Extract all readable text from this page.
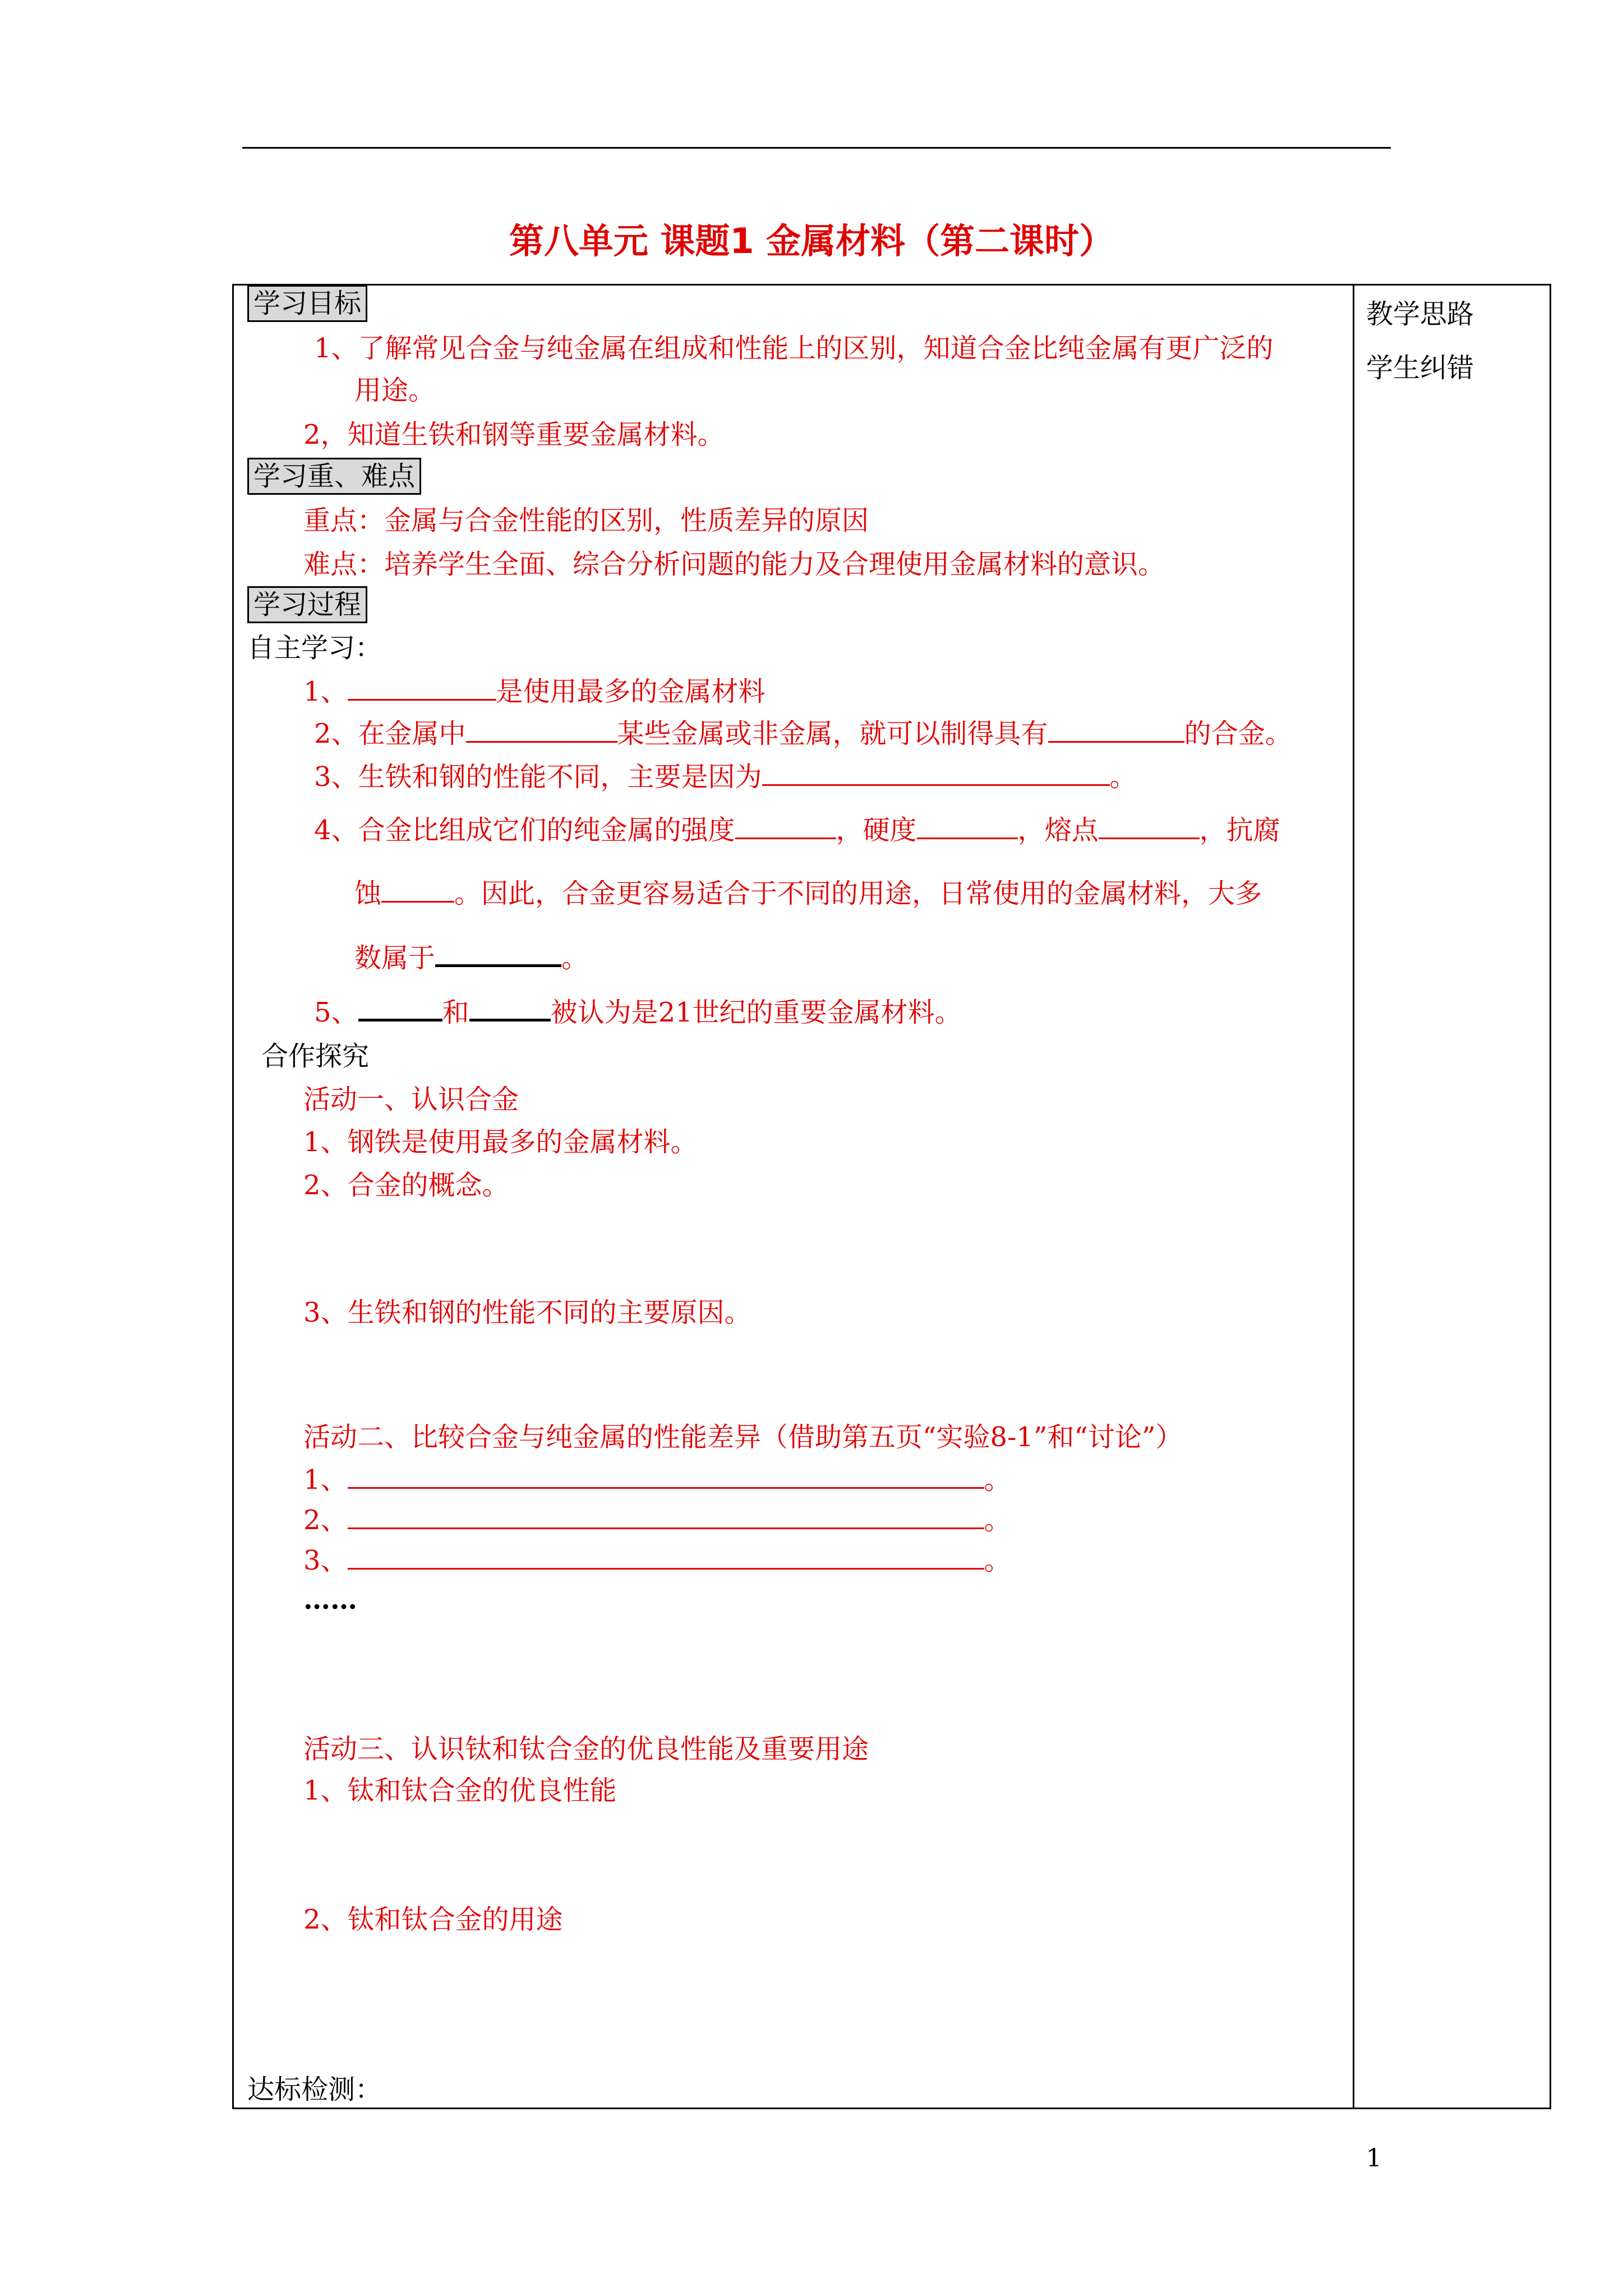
第八单元 课题1 金属材料（第二课时）
教学思路
学生纠错
学习目标
1、了解常见合金与纯金属在组成和性能上的区别，知道合金比纯金属有更广泛的
用途。
2，知道生铁和钢等重要金属材料。
学习重、难点
重点：金属与合金性能的区别，性质差异的原因
难点：培养学生全面、综合分析问题的能力及合理使用金属材料的意识。
学习过程
自主学习：
1、	是使用最多的金属材料
2、在金属中	某些金属或非金属，就可以制得具有	的合金。
3、生铁和钢的性能不同，主要是因为	。
4、合金比组成它们的纯金属的强度	，硬度	，熔点	，抗腐
蚀	。因此，合金更容易适合于不同的用途，日常使用的金属材料，大多
数属于	。
5、	和	被认为是21世纪的重要金属材料。
合作探究
活动一、认识合金
1、钢铁是使用最多的金属材料。
2、合金的概念。
3、生铁和钢的性能不同的主要原因。
活动二、比较合金与纯金属的性能差异（借助第五页“实验8-1”和“讨论”）
1、	。
2、	。
3、	。
……
活动三、认识钛和钛合金的优良性能及重要用途
1、钛和钛合金的优良性能
2、钛和钛合金的用途
达标检测：
1
